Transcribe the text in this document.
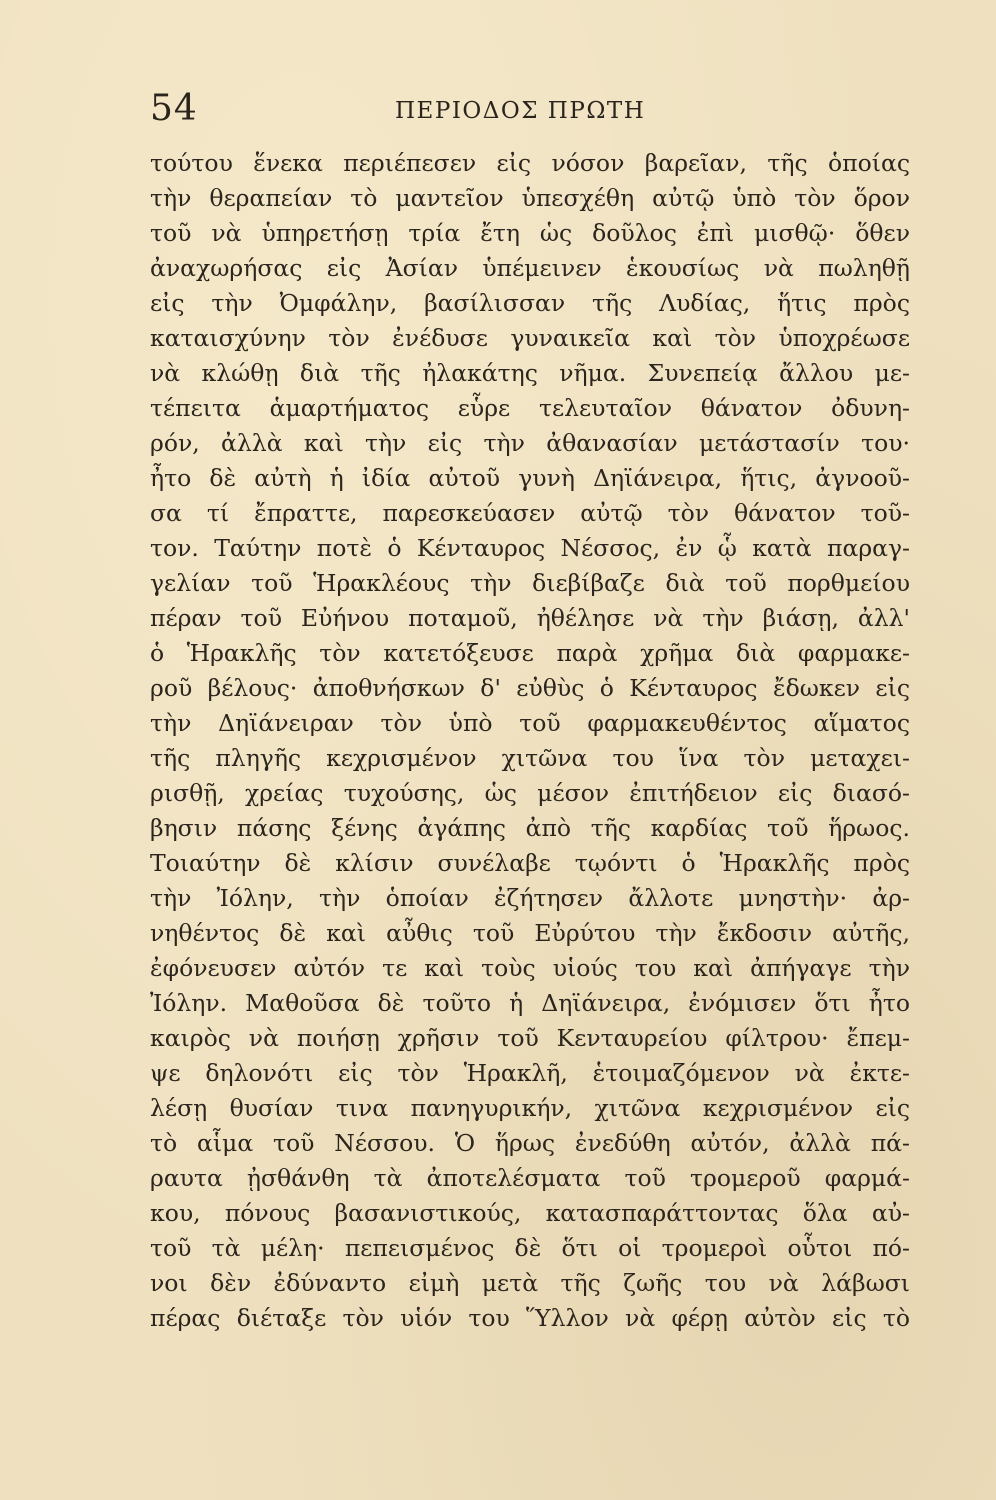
54	ΠΕΡΙΟΔΟΣ ΠΡΩΤΗ
τούτου ἕνεκα περιέπεσεν εἰς νόσον βαρεῖαν, τῆς ὁποίας
τὴν θεραπείαν τὸ μαντεῖον ὑπεσχέθη αὐτῷ ὑπὸ τὸν ὅρον
τοῦ νὰ ὑπηρετήσῃ τρία ἔτη ὡς δοῦλος ἐπὶ μισθῷ· ὅθεν
ἀναχωρήσας εἰς Ἀσίαν ὑπέμεινεν ἑκουσίως νὰ πωληθῇ
εἰς τὴν Ὀμφάλην, βασίλισσαν τῆς Λυδίας, ἥτις πρὸς
καταισχύνην τὸν ἐνέδυσε γυναικεῖα καὶ τὸν ὑποχρέωσε
νὰ κλώθῃ διὰ τῆς ἠλακάτης νῆμα. Συνεπείᾳ ἄλλου με-
τέπειτα ἁμαρτήματος εὗρε τελευταῖον θάνατον ὀδυνη-
ρόν, ἀλλὰ καὶ τὴν εἰς τὴν ἀθανασίαν μετάστασίν του·
ἦτο δὲ αὐτὴ ἡ ἰδία αὐτοῦ γυνὴ Δηϊάνειρα, ἥτις, ἀγνοοῦ-
σα τί ἔπραττε, παρεσκεύασεν αὐτῷ τὸν θάνατον τοῦ-
τον. Ταύτην ποτὲ ὁ Κένταυρος Νέσσος, ἐν ᾧ κατὰ παραγ-
γελίαν τοῦ Ἡρακλέους τὴν διεβίβαζε διὰ τοῦ πορθμείου
πέραν τοῦ Εὐήνου ποταμοῦ, ἠθέλησε νὰ τὴν βιάσῃ, ἀλλ'
ὁ Ἡρακλῆς τὸν κατετόξευσε παρὰ χρῆμα διὰ φαρμακε-
ροῦ βέλους· ἀποθνήσκων δ' εὐθὺς ὁ Κένταυρος ἔδωκεν εἰς
τὴν Δηϊάνειραν τὸν ὑπὸ τοῦ φαρμακευθέντος αἵματος
τῆς πληγῆς κεχρισμένον χιτῶνα του ἵνα τὸν μεταχει-
ρισθῇ, χρείας τυχούσης, ὡς μέσον ἐπιτήδειον εἰς διασό-
βησιν πάσης ξένης ἀγάπης ἀπὸ τῆς καρδίας τοῦ ἥρωος.
Τοιαύτην δὲ κλίσιν συνέλαβε τῳόντι ὁ Ἡρακλῆς πρὸς
τὴν Ἰόλην, τὴν ὁποίαν ἐζήτησεν ἄλλοτε μνηστὴν· ἀρ-
νηθέντος δὲ καὶ αὖθις τοῦ Εὐρύτου τὴν ἔκδοσιν αὐτῆς,
ἐφόνευσεν αὐτόν τε καὶ τοὺς υἱούς του καὶ ἀπήγαγε τὴν
Ἰόλην. Μαθοῦσα δὲ τοῦτο ἡ Δηϊάνειρα, ἐνόμισεν ὅτι ἦτο
καιρὸς νὰ ποιήσῃ χρῆσιν τοῦ Κενταυρείου φίλτρου· ἔπεμ-
ψε δηλονότι εἰς τὸν Ἡρακλῆ, ἑτοιμαζόμενον νὰ ἐκτε-
λέσῃ θυσίαν τινα πανηγυρικήν, χιτῶνα κεχρισμένον εἰς
τὸ αἷμα τοῦ Νέσσου. Ὁ ἥρως ἐνεδύθη αὐτόν, ἀλλὰ πά-
ραυτα ᾐσθάνθη τὰ ἀποτελέσματα τοῦ τρομεροῦ φαρμά-
κου, πόνους βασανιστικούς, κατασπαράττοντας ὅλα αὐ-
τοῦ τὰ μέλη· πεπεισμένος δὲ ὅτι οἱ τρομεροὶ οὗτοι πό-
νοι δὲν ἐδύναντο εἰμὴ μετὰ τῆς ζωῆς του νὰ λάβωσι
πέρας διέταξε τὸν υἱόν του Ὕλλον νὰ φέρῃ αὐτὸν εἰς τὸ
